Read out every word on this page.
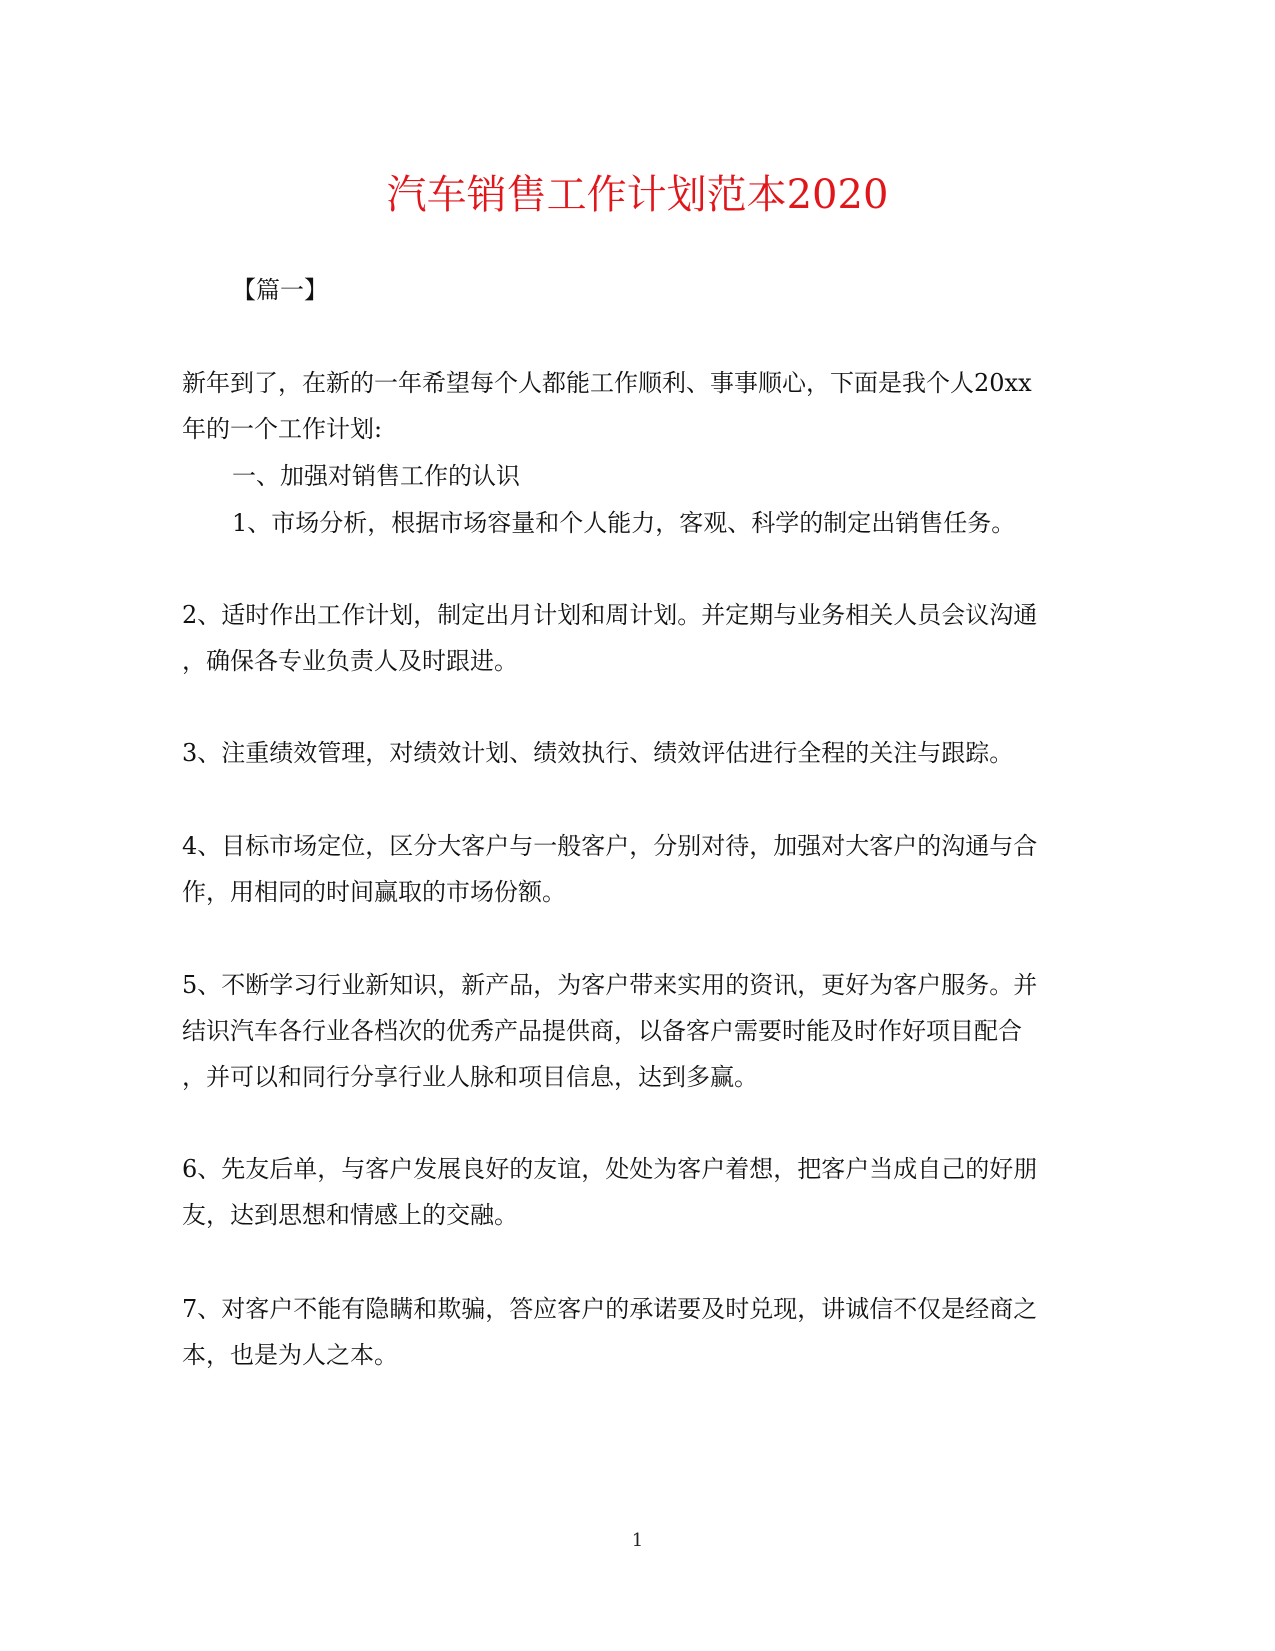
汽车销售工作计划范本2020

【篇一】

新年到了，在新的一年希望每个人都能工作顺利、事事顺心，下面是我个人20xx

年的一个工作计划:

一、加强对销售工作的认识

1、市场分析，根据市场容量和个人能力，客观、科学的制定出销售任务。

2、适时作出工作计划，制定出月计划和周计划。并定期与业务相关人员会议沟通

，确保各专业负责人及时跟进。

3、注重绩效管理，对绩效计划、绩效执行、绩效评估进行全程的关注与跟踪。

4、目标市场定位，区分大客户与一般客户，分别对待，加强对大客户的沟通与合

作，用相同的时间赢取的市场份额。

5、不断学习行业新知识，新产品，为客户带来实用的资讯，更好为客户服务。并

结识汽车各行业各档次的优秀产品提供商，以备客户需要时能及时作好项目配合

，并可以和同行分享行业人脉和项目信息，达到多赢。

6、先友后单，与客户发展良好的友谊，处处为客户着想，把客户当成自己的好朋

友，达到思想和情感上的交融。

7、对客户不能有隐瞒和欺骗，答应客户的承诺要及时兑现，讲诚信不仅是经商之

本，也是为人之本。

1
